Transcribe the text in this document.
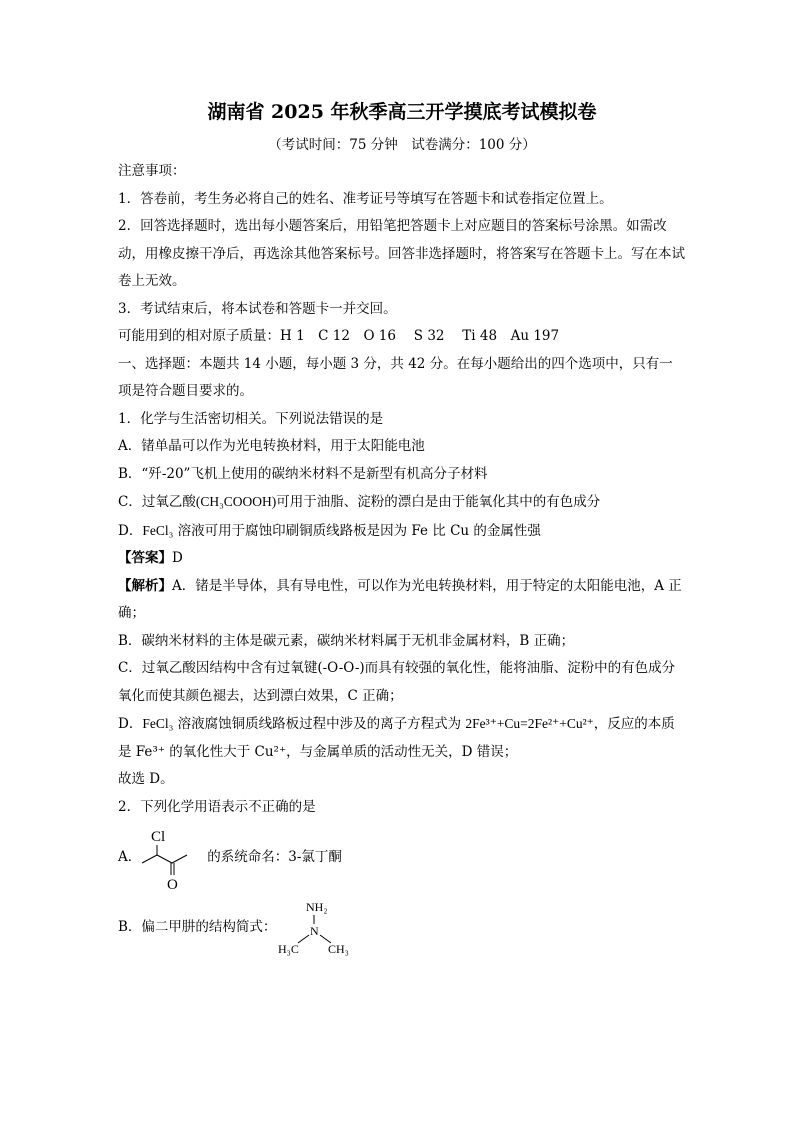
湖南省 2025 年秋季高三开学摸底考试模拟卷
（考试时间：75 分钟　试卷满分：100 分）
注意事项：
1．答卷前，考生务必将自己的姓名、准考证号等填写在答题卡和试卷指定位置上。
2．回答选择题时，选出每小题答案后，用铅笔把答题卡上对应题目的答案标号涂黑。如需改动，用橡皮擦干净后，再选涂其他答案标号。回答非选择题时，将答案写在答题卡上。写在本试卷上无效。
3．考试结束后，将本试卷和答题卡一并交回。
可能用到的相对原子质量：H 1　C 12　O 16　 S 32　 Ti 48　Au 197
一、选择题：本题共 14 小题，每小题 3 分，共 42 分。在每小题给出的四个选项中，只有一项是符合题目要求的。
1．化学与生活密切相关。下列说法错误的是
A．锗单晶可以作为光电转换材料，用于太阳能电池
B．“歼-20”飞机上使用的碳纳米材料不是新型有机高分子材料
C．过氧乙酸(CH₃COOOH)可用于油脂、淀粉的漂白是由于能氧化其中的有色成分
D．FeCl₃ 溶液可用于腐蚀印刷铜质线路板是因为 Fe 比 Cu 的金属性强
【答案】D
【解析】A．锗是半导体，具有导电性，可以作为光电转换材料，用于特定的太阳能电池，A 正确；
B．碳纳米材料的主体是碳元素，碳纳米材料属于无机非金属材料，B 正确；
C．过氧乙酸因结构中含有过氧键(-O-O-)而具有较强的氧化性，能将油脂、淀粉中的有色成分氧化而使其颜色褪去，达到漂白效果，C 正确；
D．FeCl₃ 溶液腐蚀铜质线路板过程中涉及的离子方程式为 2Fe³⁺+Cu=2Fe²⁺+Cu²⁺，反应的本质是 Fe³⁺ 的氧化性大于 Cu²⁺，与金属单质的活动性无关，D 错误；
故选 D。
2．下列化学用语表示不正确的是
A．
Cl
O
的系统命名：3-氯丁酮
B．偏二甲肼的结构简式：
NH₂
N
H₃C CH₃
